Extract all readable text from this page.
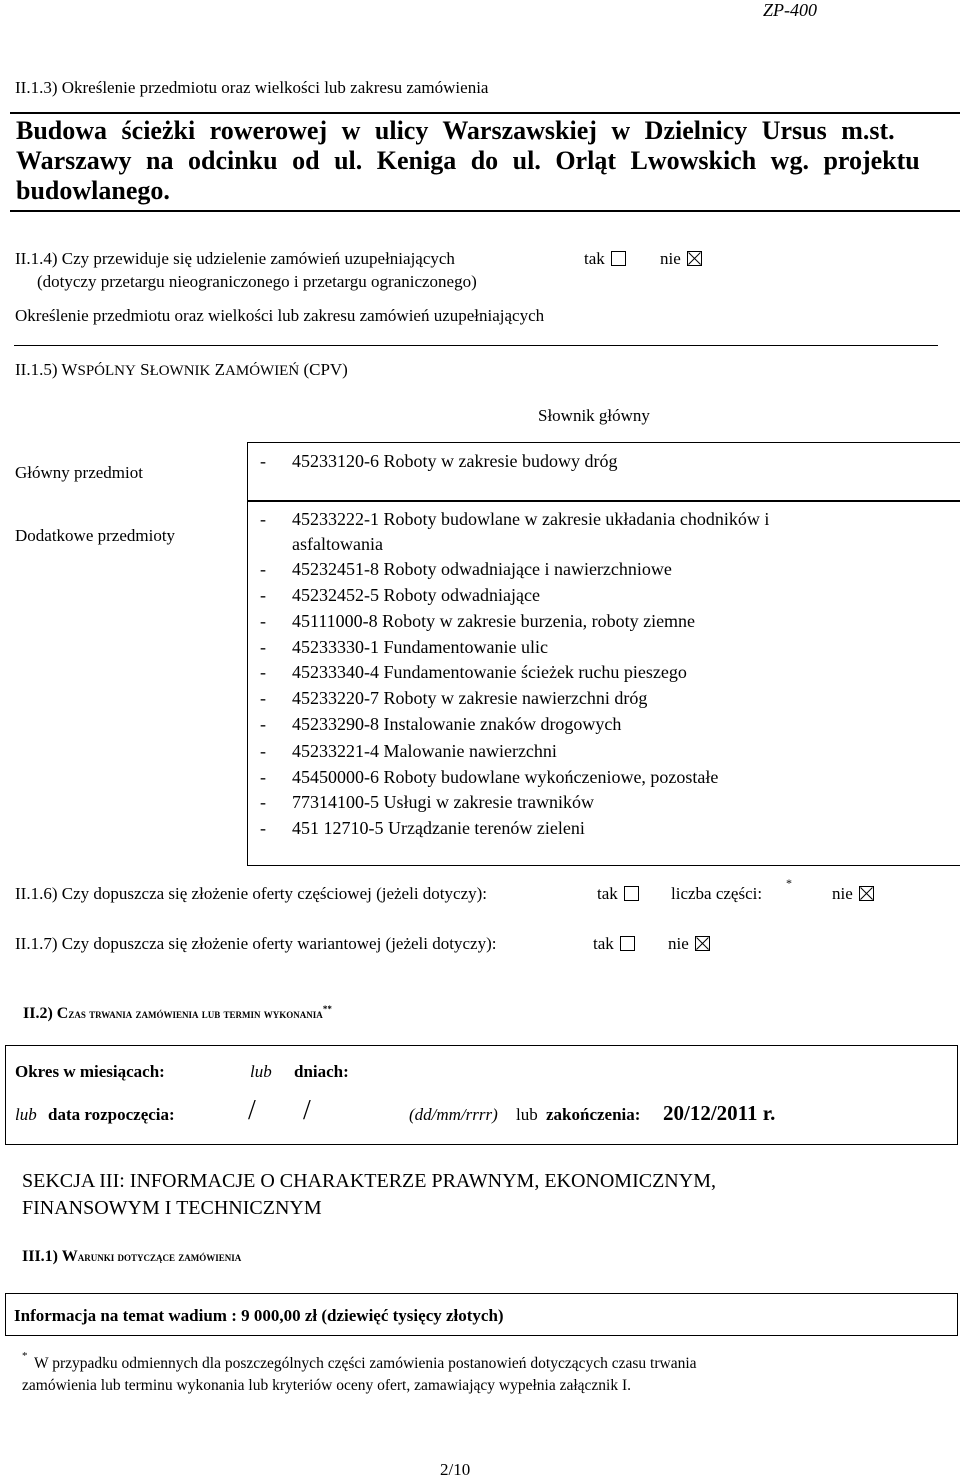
ZP-400
II.1.3) Określenie przedmiotu oraz wielkości lub zakresu zamówienia
Budowa ścieżki rowerowej w ulicy Warszawskiej w Dzielnicy Ursus m.st.
Warszawy na odcinku od ul. Keniga do ul. Orląt Lwowskich wg. projektu
budowlanego.
II.1.4) Czy przewiduje się udzielenie zamówień uzupełniających	tak	nie
(dotyczy przetargu nieograniczonego i przetargu ograniczonego)
Określenie przedmiotu oraz wielkości lub zakresu zamówień uzupełniających
II.1.5) WSPÓLNY SŁOWNIK ZAMÓWIEŃ (CPV)
Słownik główny
Główny przedmiot
- 45233120-6 Roboty w zakresie budowy dróg
Dodatkowe przedmioty
- 45233222-1 Roboty budowlane w zakresie układania chodników i
asfaltowania
- 45232451-8 Roboty odwadniające i nawierzchniowe
- 45232452-5 Roboty odwadniające
- 45111000-8 Roboty w zakresie burzenia, roboty ziemne
- 45233330-1 Fundamentowanie ulic
- 45233340-4 Fundamentowanie ścieżek ruchu pieszego
- 45233220-7 Roboty w zakresie nawierzchni dróg
- 45233290-8 Instalowanie znaków drogowych
- 45233221-4 Malowanie nawierzchni
- 45450000-6 Roboty budowlane wykończeniowe, pozostałe
- 77314100-5 Usługi w zakresie trawników
- 451 12710-5 Urządzanie terenów zieleni
II.1.6) Czy dopuszcza się złożenie oferty częściowej (jeżeli dotyczy):	tak	liczba części:
*
nie
II.1.7) Czy dopuszcza się złożenie oferty wariantowej (jeżeli dotyczy):	tak	nie
II.2) Czas trwania zamówienia lub termin wykonania**
Okres w miesiącach:	lub dniach:
lub data rozpoczęcia:	/ /	(dd/mm/rrrr) lub zakończenia: 20/12/2011 r.
SEKCJA III: INFORMACJE O CHARAKTERZE PRAWNYM, EKONOMICZNYM,
FINANSOWYM I TECHNICZNYM
III.1) Warunki dotyczące zamówienia
Informacja na temat wadium : 9 000,00 zł (dziewięć tysięcy złotych)
* W przypadku odmiennych dla poszczególnych części zamówienia postanowień dotyczących czasu trwania
zamówienia lub terminu wykonania lub kryteriów oceny ofert, zamawiający wypełnia załącznik I.
2/10
